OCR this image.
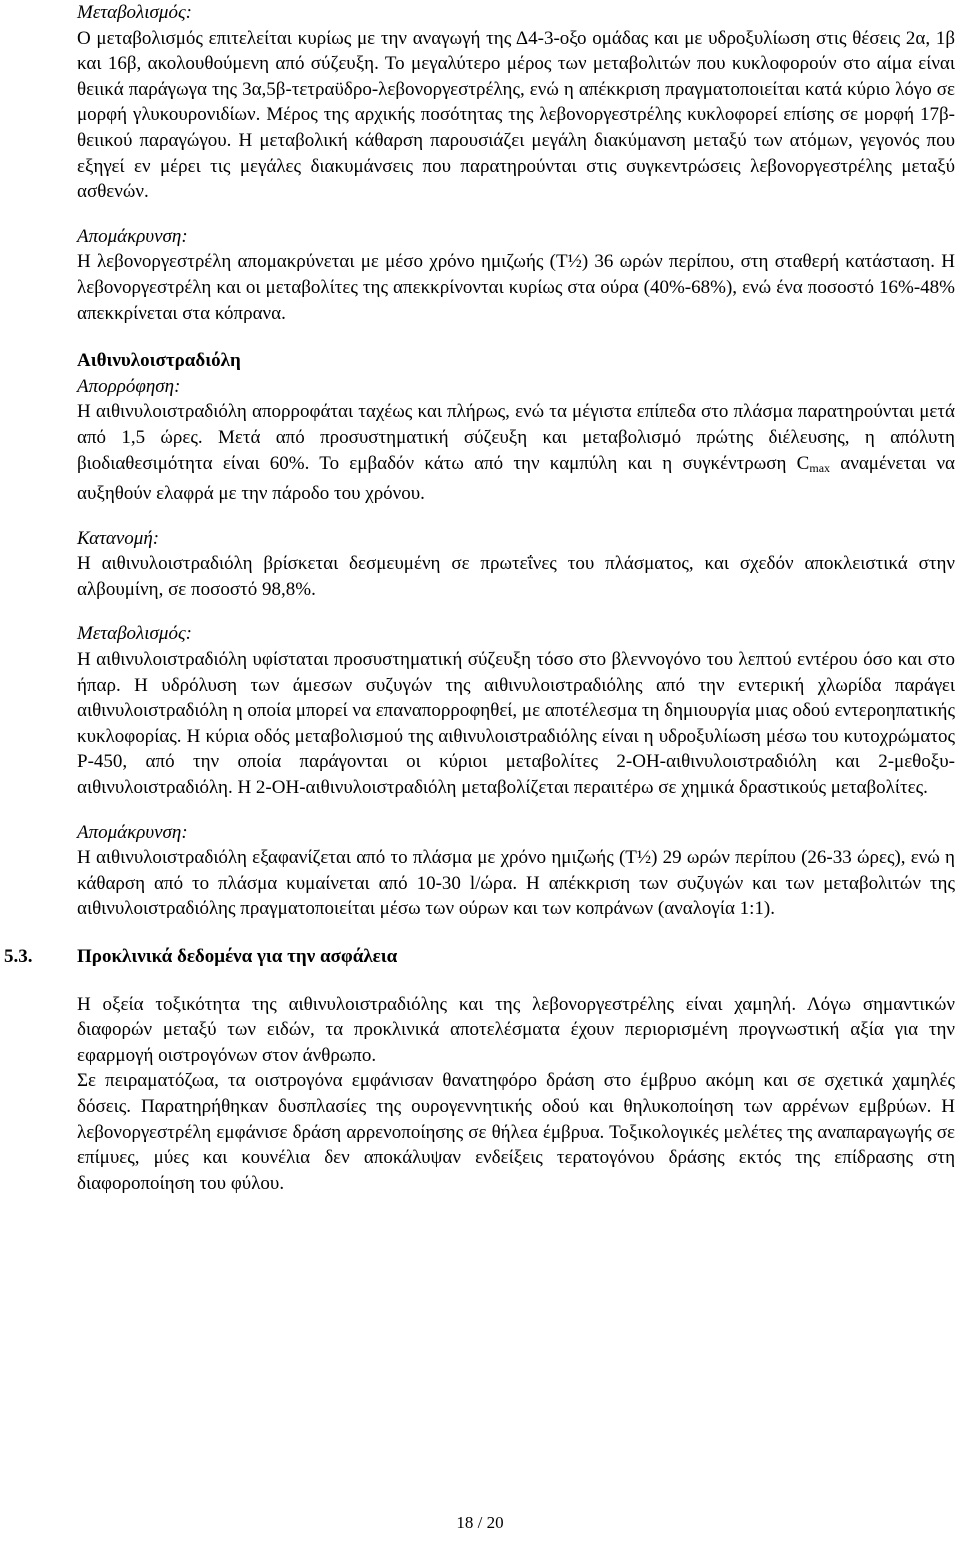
Μεταβολισμός:

Ο μεταβολισμός επιτελείται κυρίως με την αναγωγή της Δ4-3-οξο ομάδας και με υδροξυλίωση στις θέσεις 2α, 1β και 16β, ακολουθούμενη από σύζευξη. Το μεγαλύτερο μέρος των μεταβολιτών που κυκλοφορούν στο αίμα είναι θειικά παράγωγα της 3α,5β-τετραϋδρο-λεβονοργεστρέλης, ενώ η απέκκριση πραγματοποιείται κατά κύριο λόγο σε μορφή γλυκουρονιδίων. Μέρος της αρχικής ποσότητας της λεβονοργεστρέλης κυκλοφορεί επίσης σε μορφή 17β-θειικού παραγώγου. Η μεταβολική κάθαρση παρουσιάζει μεγάλη διακύμανση μεταξύ των ατόμων, γεγονός που εξηγεί εν μέρει τις μεγάλες διακυμάνσεις που παρατηρούνται στις συγκεντρώσεις λεβονοργεστρέλης μεταξύ ασθενών.

Απομάκρυνση:

Η λεβονοργεστρέλη απομακρύνεται με μέσο χρόνο ημιζωής (Τ½) 36 ωρών περίπου, στη σταθερή κατάσταση. Η λεβονοργεστρέλη και οι μεταβολίτες της απεκκρίνονται κυρίως στα ούρα (40%-68%), ενώ ένα ποσοστό 16%-48% απεκκρίνεται στα κόπρανα.

Αιθινυλοιστραδιόλη

Απορρόφηση:

Η αιθινυλοιστραδιόλη απορροφάται ταχέως και πλήρως, ενώ τα μέγιστα επίπεδα στο πλάσμα παρατηρούνται μετά από 1,5 ώρες. Μετά από προσυστηματική σύζευξη και μεταβολισμό πρώτης διέλευσης, η απόλυτη βιοδιαθεσιμότητα είναι 60%. Το εμβαδόν κάτω από την καμπύλη και η συγκέντρωση $C_{max}$ αναμένεται να αυξηθούν ελαφρά με την πάροδο του χρόνου.

Κατανομή:

Η αιθινυλοιστραδιόλη βρίσκεται δεσμευμένη σε πρωτεΐνες του πλάσματος, και σχεδόν αποκλειστικά στην αλβουμίνη, σε ποσοστό 98,8%.

Μεταβολισμός:

Η αιθινυλοιστραδιόλη υφίσταται προσυστηματική σύζευξη τόσο στο βλεννογόνο του λεπτού εντέρου όσο και στο ήπαρ. Η υδρόλυση των άμεσων συζυγών της αιθινυλοιστραδιόλης από την εντερική χλωρίδα παράγει αιθινυλοιστραδιόλη η οποία μπορεί να επαναπορροφηθεί, με αποτέλεσμα τη δημιουργία μιας οδού εντεροηπατικής κυκλοφορίας. Η κύρια οδός μεταβολισμού της αιθινυλοιστραδιόλης είναι η υδροξυλίωση μέσω του κυτοχρώματος P-450, από την οποία παράγονται οι κύριοι μεταβολίτες 2-OH-αιθινυλοιστραδιόλη και 2-μεθοξυ-αιθινυλοιστραδιόλη. Η 2-OH-αιθινυλοιστραδιόλη μεταβολίζεται περαιτέρω σε χημικά δραστικούς μεταβολίτες.

Απομάκρυνση:

Η αιθινυλοιστραδιόλη εξαφανίζεται από το πλάσμα με χρόνο ημιζωής (Τ½) 29 ωρών περίπου (26-33 ώρες), ενώ η κάθαρση από το πλάσμα κυμαίνεται από 10-30 l/ώρα. Η απέκκριση των συζυγών και των μεταβολιτών της αιθινυλοιστραδιόλης πραγματοποιείται μέσω των ούρων και των κοπράνων (αναλογία 1:1).

5.3. Προκλινικά δεδομένα για την ασφάλεια

Η οξεία τοξικότητα της αιθινυλοιστραδιόλης και της λεβονοργεστρέλης είναι χαμηλή. Λόγω σημαντικών διαφορών μεταξύ των ειδών, τα προκλινικά αποτελέσματα έχουν περιορισμένη προγνωστική αξία για την εφαρμογή οιστρογόνων στον άνθρωπο.

Σε πειραματόζωα, τα οιστρογόνα εμφάνισαν θανατηφόρο δράση στο έμβρυο ακόμη και σε σχετικά χαμηλές δόσεις. Παρατηρήθηκαν δυσπλασίες της ουρογεννητικής οδού και θηλυκοποίηση των αρρένων εμβρύων. Η λεβονοργεστρέλη εμφάνισε δράση αρρενοποίησης σε θήλεα έμβρυα. Τοξικολογικές μελέτες της αναπαραγωγής σε επίμυες, μύες και κουνέλια δεν αποκάλυψαν ενδείξεις τερατογόνου δράσης εκτός της επίδρασης στη διαφοροποίηση του φύλου.

18 / 20
